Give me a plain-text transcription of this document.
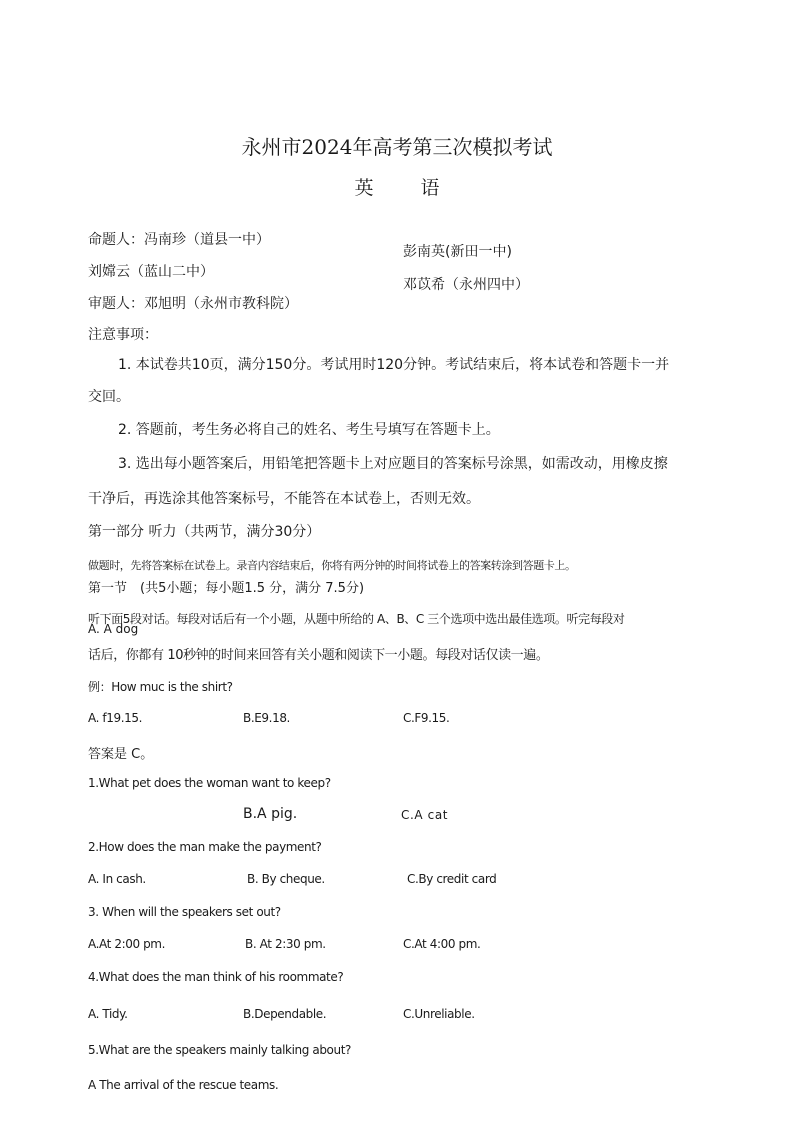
永州市2024年高考第三次模拟考试
英　语
命题人：冯南珍（道县一中）
刘嫦云（蓝山二中）
审题人：邓旭明（永州市教科院）
彭南英(新田一中)
邓苡希（永州四中）
注意事项：
1. 本试卷共10页，满分150分。考试用时120分钟。考试结束后，将本试卷和答题卡一并
交回。
2. 答题前，考生务必将自己的姓名、考生号填写在答题卡上。
3. 选出每小题答案后，用铅笔把答题卡上对应题目的答案标号涂黑，如需改动，用橡皮擦
干净后，再选涂其他答案标号，不能答在本试卷上，否则无效。
第一部分 听力（共两节，满分30分）
做题时，先将答案标在试卷上。录音内容结束后，你将有两分钟的时间将试卷上的答案转涂到答题卡上。
第一节　(共5小题；每小题1.5 分，满分 7.5分)
听下面5段对话。每段对话后有一个小题，从题中所给的 A、B、C 三个选项中选出最佳选项。听完每段对
A. A dog
话后，你都有 10秒钟的时间来回答有关小题和阅读下一小题。每段对话仅读一遍。
例：How muc is the shirt?
A. f19.15.	B.E9.18.	C.F9.15.
答案是 C。
1.What pet does the woman want to keep?
B.A pig.	C.A cat
2.How does the man make the payment?
A. In cash.	B. By cheque.	C.By credit card
3. When will the speakers set out?
A.At 2:00 pm.	B. At 2:30 pm.	C.At 4:00 pm.
4.What does the man think of his roommate?
A. Tidy.	B.Dependable.	C.Unreliable.
5.What are the speakers mainly talking about?
A The arrival of the rescue teams.
